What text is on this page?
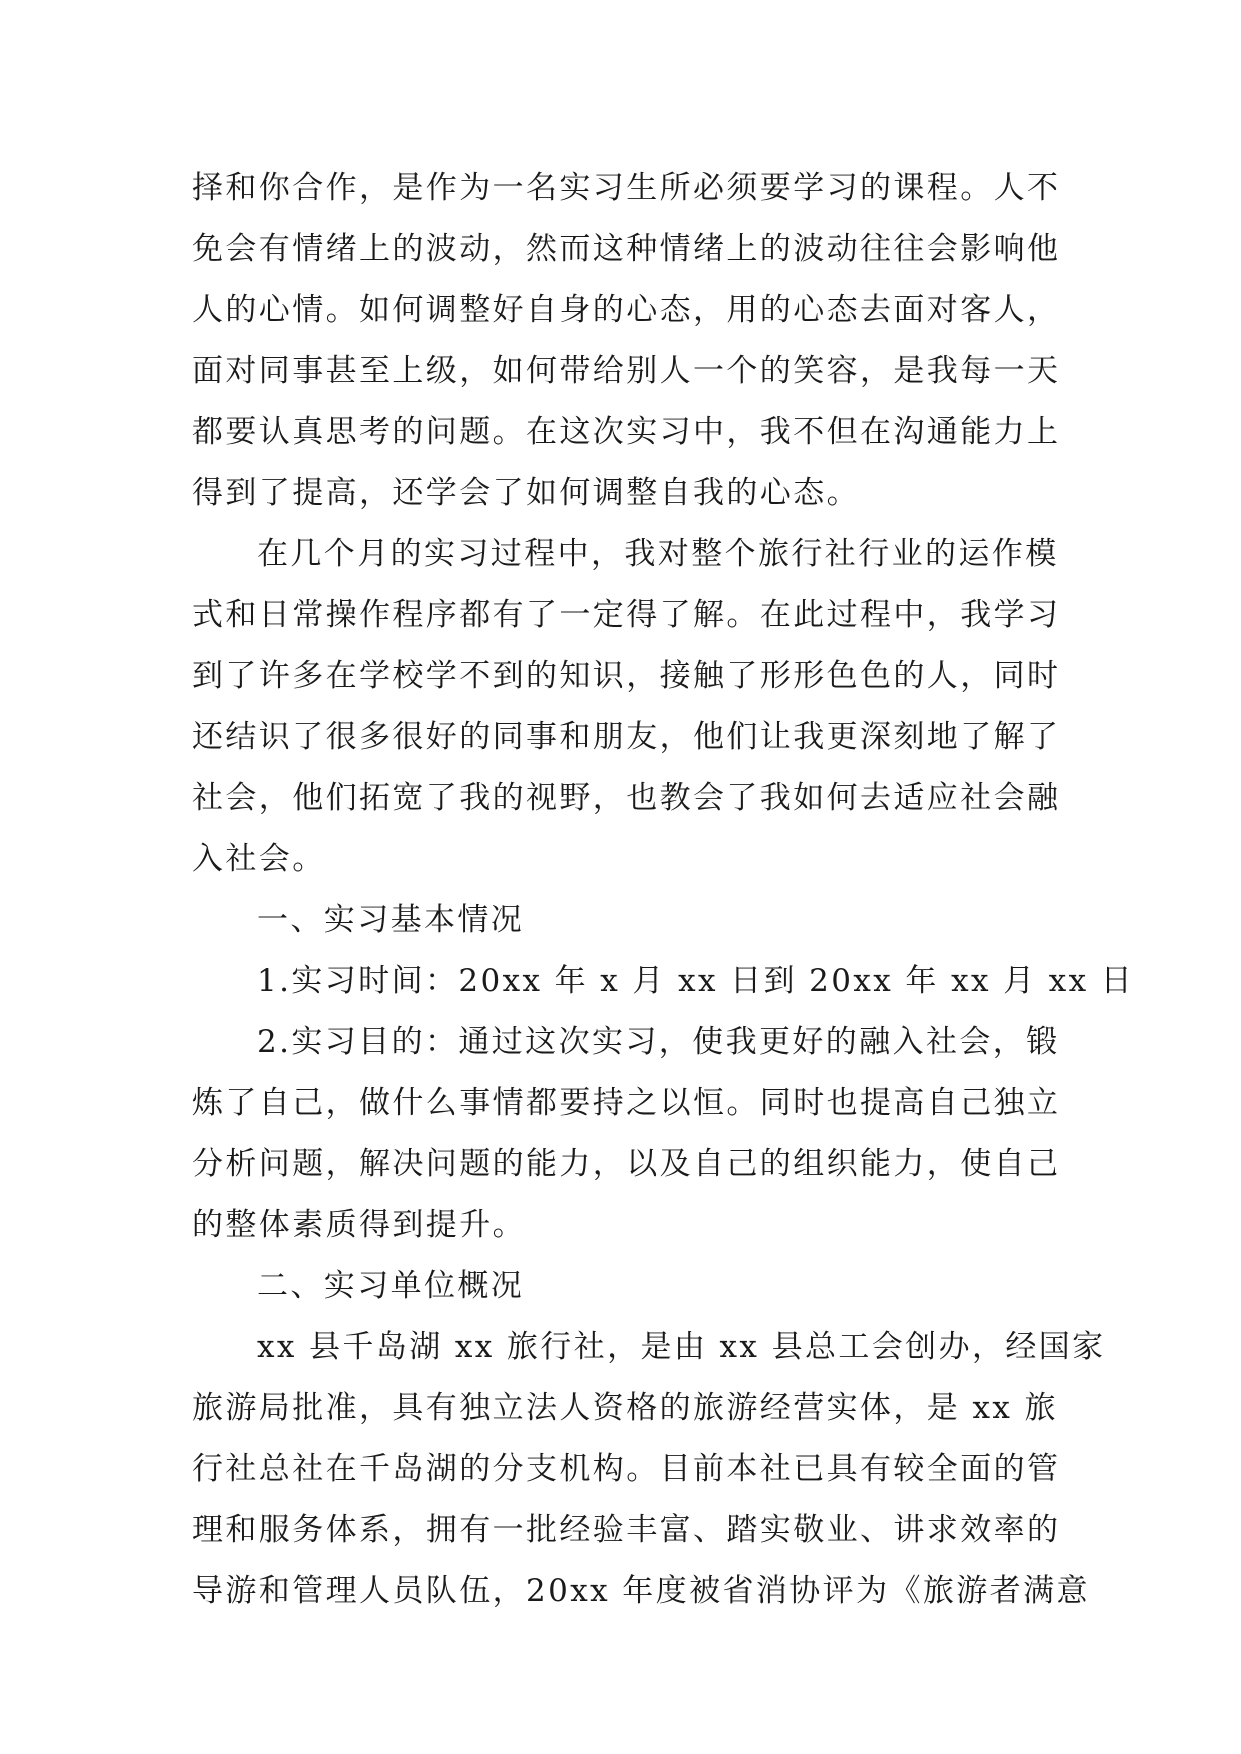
择和你合作，是作为一名实习生所必须要学习的课程。人不
免会有情绪上的波动，然而这种情绪上的波动往往会影响他
人的心情。如何调整好自身的心态，用的心态去面对客人，
面对同事甚至上级，如何带给别人一个的笑容，是我每一天
都要认真思考的问题。在这次实习中，我不但在沟通能力上
得到了提高，还学会了如何调整自我的心态。
在几个月的实习过程中，我对整个旅行社行业的运作模
式和日常操作程序都有了一定得了解。在此过程中，我学习
到了许多在学校学不到的知识，接触了形形色色的人，同时
还结识了很多很好的同事和朋友，他们让我更深刻地了解了
社会，他们拓宽了我的视野，也教会了我如何去适应社会融
入社会。
一、实习基本情况
1.实习时间：20xx 年 x 月 xx 日到 20xx 年 xx 月 xx 日
2.实习目的：通过这次实习，使我更好的融入社会，锻
炼了自己，做什么事情都要持之以恒。同时也提高自己独立
分析问题，解决问题的能力，以及自己的组织能力，使自己
的整体素质得到提升。
二、实习单位概况
xx 县千岛湖 xx 旅行社，是由 xx 县总工会创办，经国家
旅游局批准，具有独立法人资格的旅游经营实体，是 xx 旅
行社总社在千岛湖的分支机构。目前本社已具有较全面的管
理和服务体系，拥有一批经验丰富、踏实敬业、讲求效率的
导游和管理人员队伍，20xx 年度被省消协评为《旅游者满意
